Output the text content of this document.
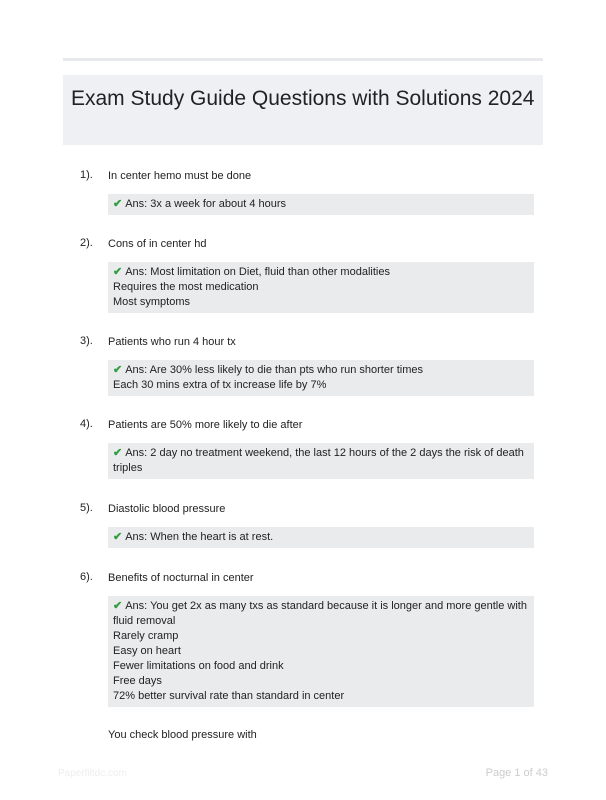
Exam Study Guide Questions with Solutions 2024
1). In center hemo must be done
✔ Ans: 3x a week for about 4 hours
2). Cons of in center hd
✔ Ans: Most limitation on Diet, fluid than other modalities
Requires the most medication
Most symptoms
3). Patients who run 4 hour tx
✔ Ans: Are 30% less likely to die than pts who run shorter times
Each 30 mins extra of tx increase life by 7%
4). Patients are 50% more likely to die after
✔ Ans: 2 day no treatment weekend, the last 12 hours of the 2 days the risk of death
triples
5). Diastolic blood pressure
✔ Ans: When the heart is at rest.
6). Benefits of nocturnal in center
✔ Ans: You get 2x as many txs as standard because it is longer and more gentle with
fluid removal
Rarely cramp
Easy on heart
Fewer limitations on food and drink
Free days
72% better survival rate than standard in center
You check blood pressure with
Paperfiltdc.com	Page 1 of 43
